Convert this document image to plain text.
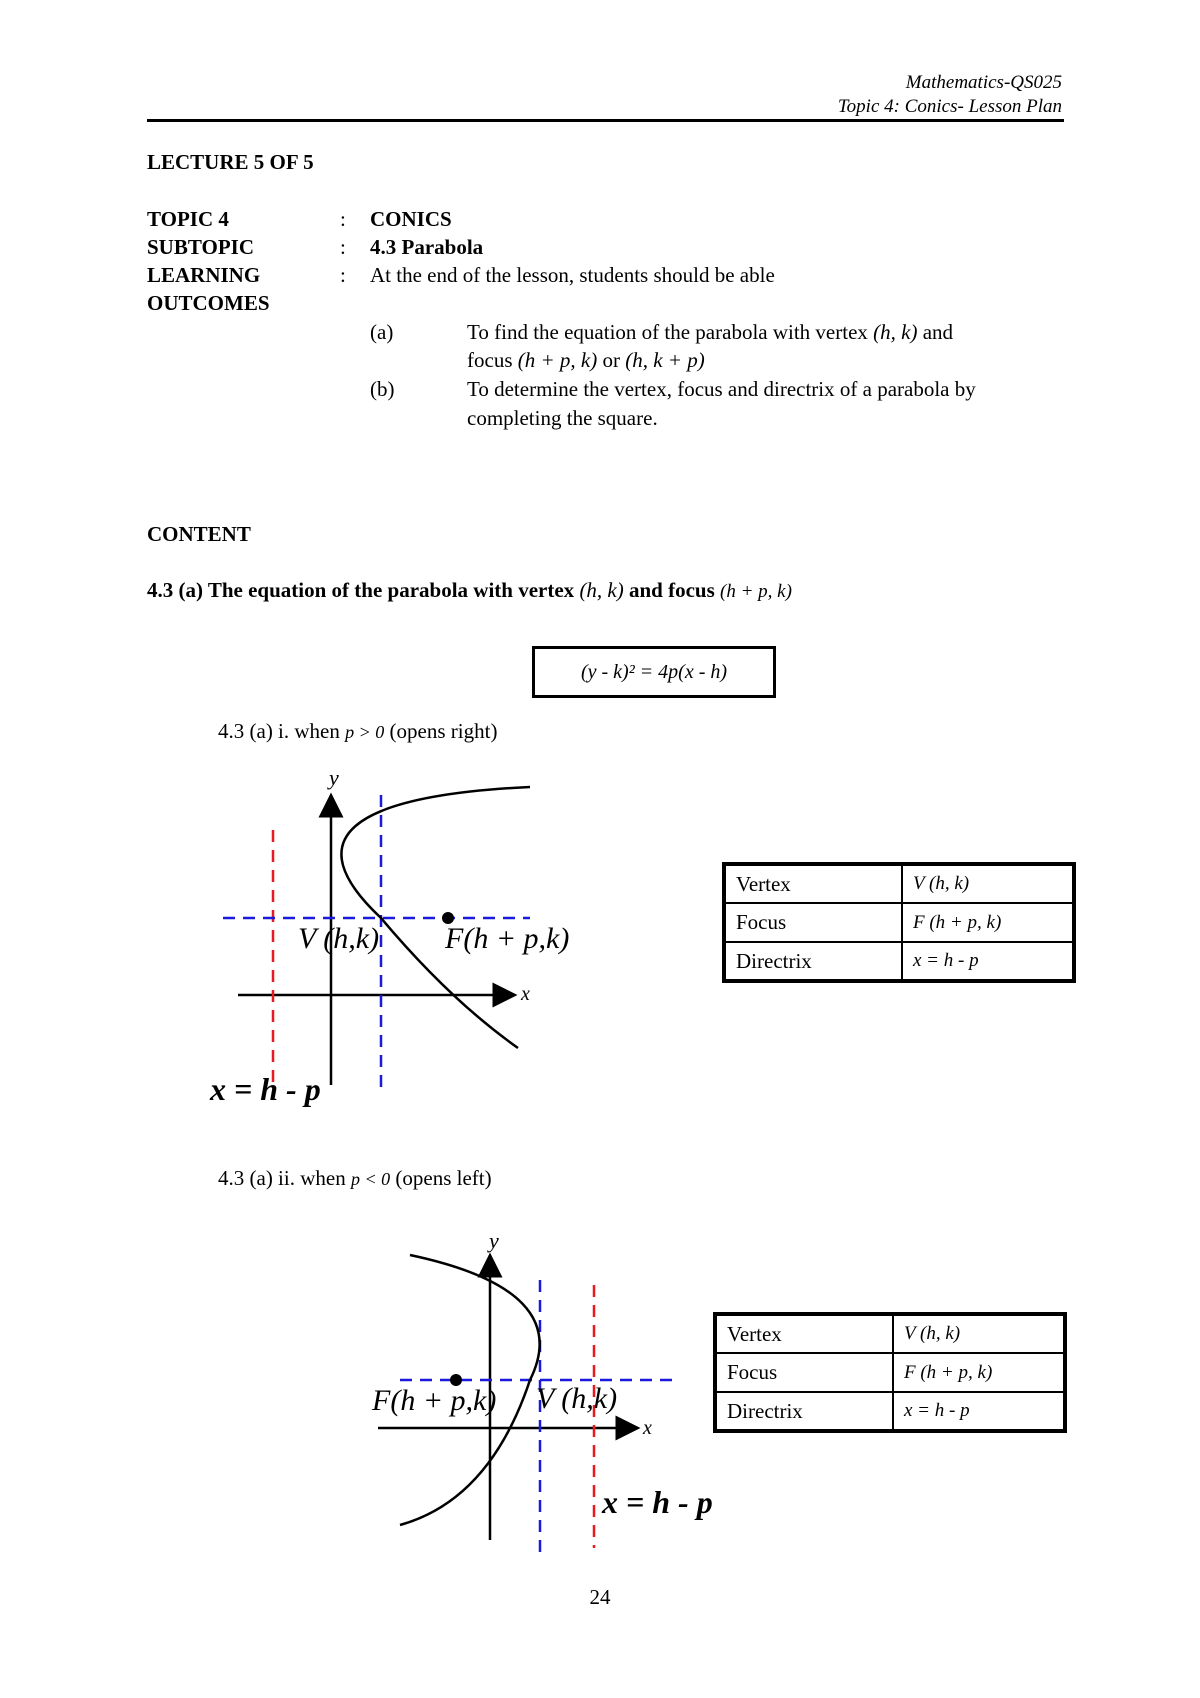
Mathematics-QS025
Topic 4: Conics- Lesson Plan
LECTURE 5 OF 5
TOPIC 4	: CONICS
SUBTOPIC	: 4.3 Parabola
LEARNING
OUTCOMES
: At the end of the lesson, students should be able
(a)	To find the equation of the parabola with vertex (h, k) and
focus (h + p, k) or (h, k + p)
(b)	To determine the vertex, focus and directrix of a parabola by
completing the square.
CONTENT
4.3 (a) The equation of the parabola with vertex (h, k) and focus (h + p, k)
(y - k)² = 4p(x - h)
4.3 (a) i. when p > 0 (opens right)
y
x
V (h,k) F(h + p,k)
x = h - p
y
x
F(h + p,k) V (h,k)
x = h - p
Vertex	V (h, k)
Focus	F (h + p, k)
Directrix	x = h - p
4.3 (a) ii. when p < 0 (opens left)
Vertex	V (h, k)
Focus	F (h + p, k)
Directrix	x = h - p
24
